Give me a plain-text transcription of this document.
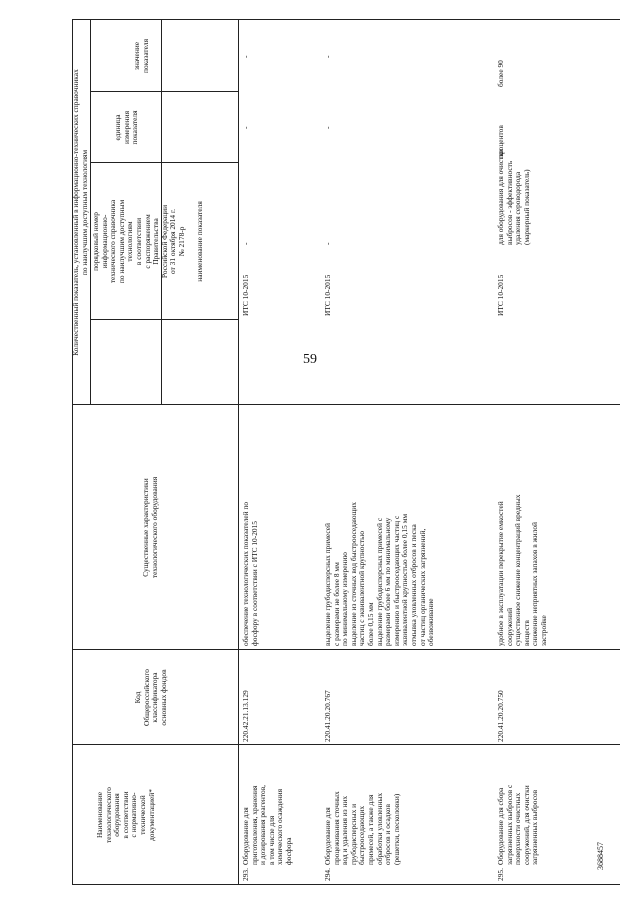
59
3688457
Наименование технологического оборудования в соответствии с нормативно- технической документацией*
Код Общероссийского классификатора основных фондов
Существенные характеристики технологического оборудования
Количественный показатель, установленный в информационно-технических справочниках по наилучшим доступным технологиям порядковый номер информационно- технического справочника по наилучшим доступным технологиям в соответствии с распоряжением Правительства Российской Федерации от 31 октября 2014 г. № 2178-р наименование показателя
единица измерения показателя
значение показателя
293.
Оборудование для приготовления, хранения и дозирования реагентов, в том числе для химического осаждения фосфора
220.42.21.13.129
обеспечение технологических показателей по фосфору в соответствии с ИТС 10-2015
ИТС 10-2015
-
-
-
294.
Оборудование для процеживания сточных вод и удаления из них грубодисперсных и быстрооседающих примесей, а также для обработки уловленных отбросов и осадков (решетки, песколовки)
220.41.20.20.767
выделение грубодисперсных примесей с размерами не более 8 мм по минимальному измерению выделение из сточных вод быстрооседающих частиц с эквивалентной крупностью более 0,15 мм выделение грубодисперсных примесей с размерами более 6 мм по минимальному измерению и быстрооседающих частиц с эквивалентной крупностью более 0,15 мм отмывка уловленных отбросов и песка от частиц органических загрязнений, обезвоживание
ИТС 10-2015
-
-
-
295.
Оборудование для сбора загрязненных выбросов с поверхности очистных сооружений, для очистки загрязненных выбросов
220.41.20.20.750
удобное в эксплуатации перекрытие емкостей сооружений существенное снижение концентраций вредных веществ снижение неприятных запахов в жилой застройке
ИТС 10-2015
для оборудования для очистки выбросов - эффективность удаления сероводорода (маркерный показатель)
процентов
более 90
